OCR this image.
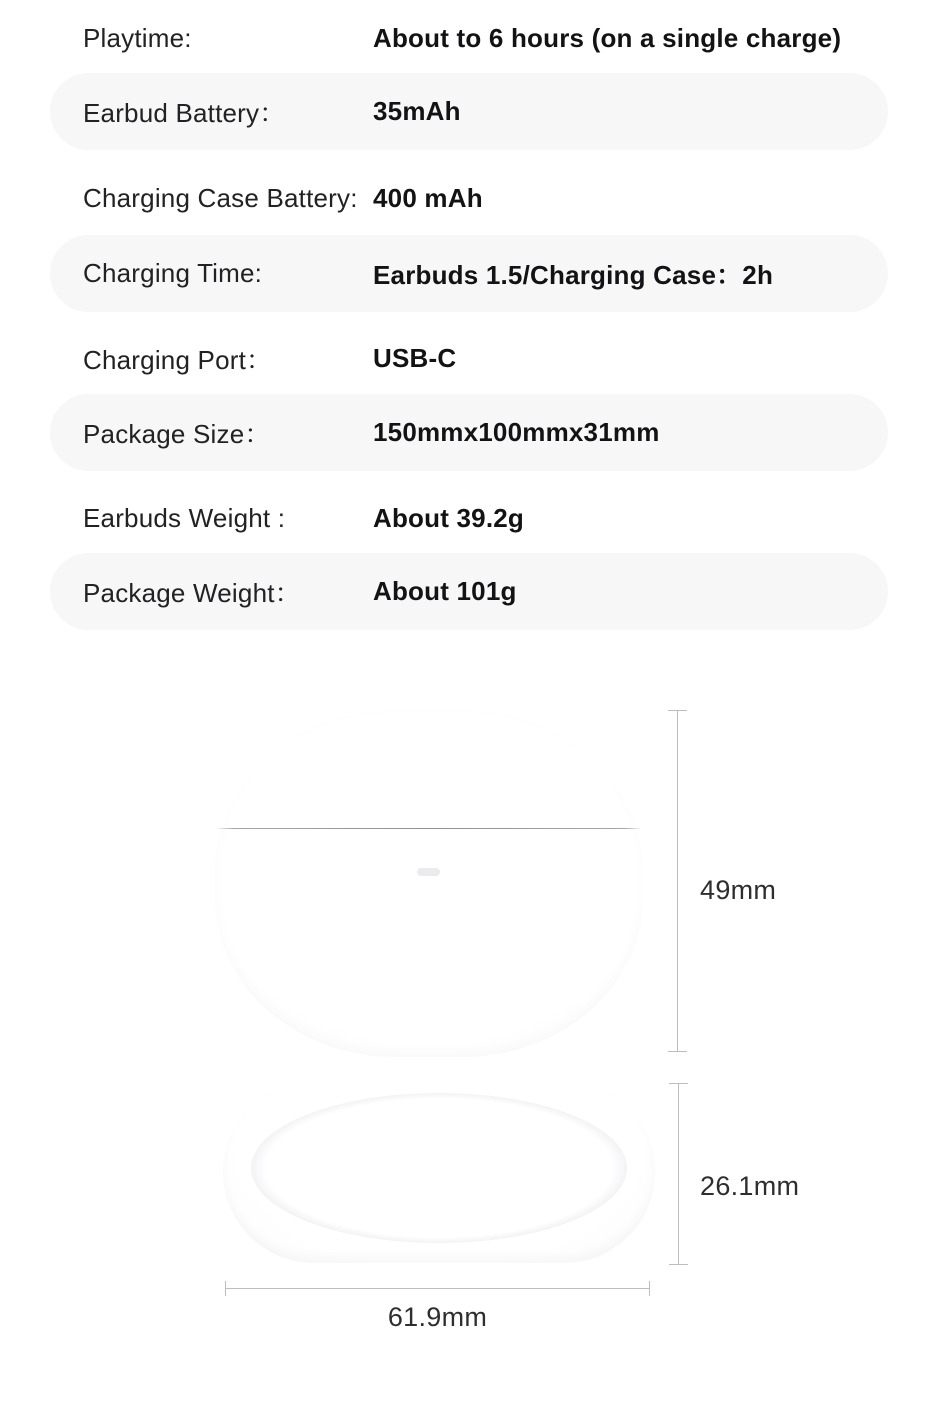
Playtime:	About to 6 hours (on a single charge)
Earbud Battery：	35mAh
Charging Case Battery: 400 mAh
Charging Time:	Earbuds 1.5/Charging Case：2h
Charging Port：	USB-C
Package Size：	150mmx100mmx31mm
Earbuds Weight :	About 39.2g
Package Weight：	About 101g
49mm
26.1mm
61.9mm
